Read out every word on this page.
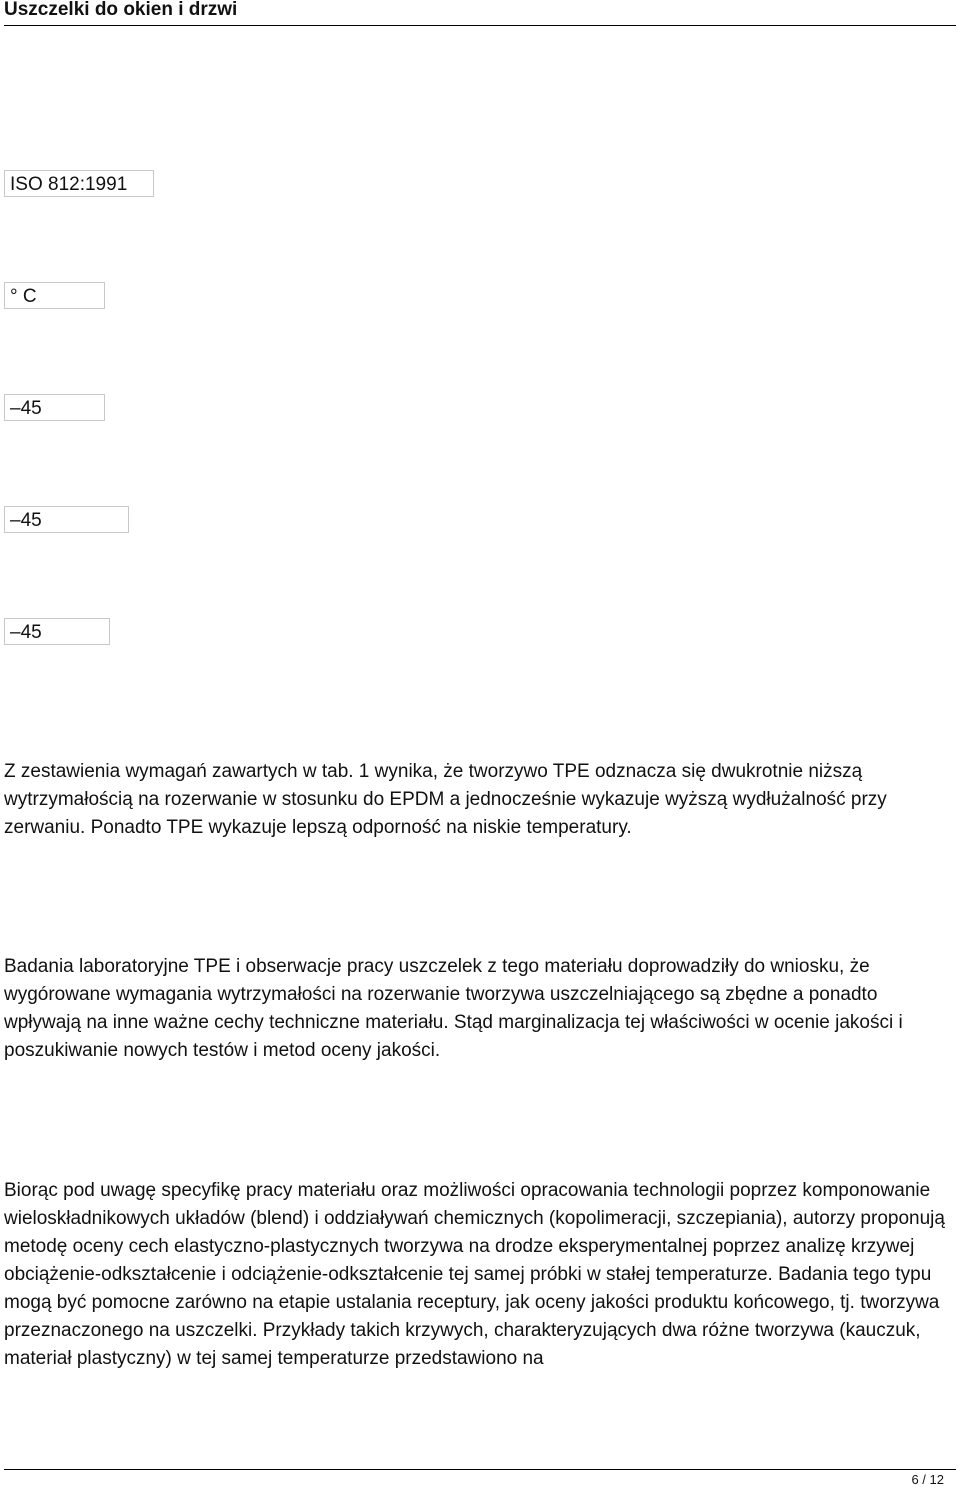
Uszczelki do okien i drzwi
ISO 812:1991
° C
–45
–45
–45

Z zestawienia wymagań zawartych w tab. 1 wynika, że tworzywo TPE odznacza się dwukrotnie niższą wytrzymałością na rozerwanie w stosunku do EPDM a jednocześnie wykazuje wyższą wydłużalność przy zerwaniu. Ponadto TPE wykazuje lepszą odporność na niskie temperatury.

Badania laboratoryjne TPE i obserwacje pracy uszczelek z tego materiału doprowadziły do wniosku, że wygórowane wymagania wytrzymałości na rozerwanie tworzywa uszczelniającego są zbędne a ponadto wpływają na inne ważne cechy techniczne materiału. Stąd marginalizacja tej właściwości w ocenie jakości i poszukiwanie nowych testów i metod oceny jakości.

Biorąc pod uwagę specyfikę pracy materiału oraz możliwości opracowania technologii poprzez komponowanie wieloskładnikowych układów (blend) i oddziaływań chemicznych (kopolimeracji, szczepiania), autorzy proponują metodę oceny cech elastyczno-plastycznych tworzywa na drodze eksperymentalnej poprzez analizę krzywej obciążenie-odkształcenie i odciążenie-odkształcenie tej samej próbki w stałej temperaturze. Badania tego typu mogą być pomocne zarówno na etapie ustalania receptury, jak oceny jakości produktu końcowego, tj. tworzywa przeznaczonego na uszczelki. Przykłady takich krzywych, charakteryzujących dwa różne tworzywa (kauczuk, materiał plastyczny) w tej samej temperaturze przedstawiono na

6 / 12
